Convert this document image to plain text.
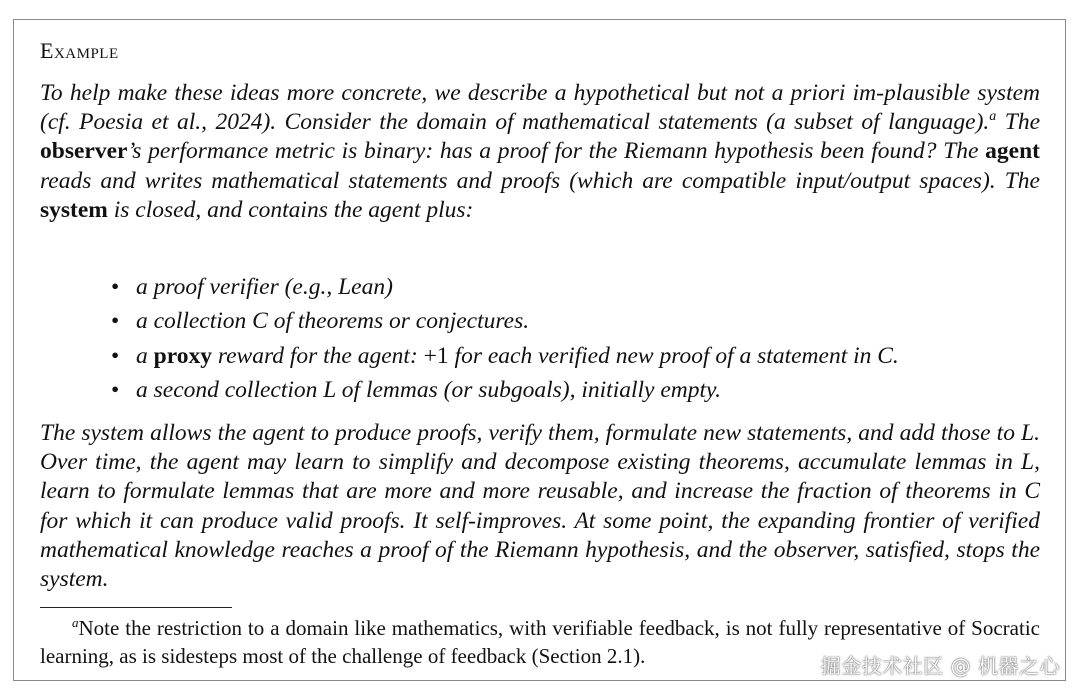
Example

To help make these ideas more concrete, we describe a hypothetical but not a priori im-plausible system (cf. Poesia et al., 2024). Consider the domain of mathematical statements (a subset of language).$^a$ The observer’s performance metric is binary: has a proof for the Riemann hypothesis been found? The agent reads and writes mathematical statements and proofs (which are compatible input/output spaces). The system is closed, and contains the agent plus:

• a proof verifier (e.g., Lean)
• a collection C of theorems or conjectures.
• a proxy reward for the agent: +1 for each verified new proof of a statement in C.
• a second collection L of lemmas (or subgoals), initially empty.

The system allows the agent to produce proofs, verify them, formulate new statements, and add those to L. Over time, the agent may learn to simplify and decompose existing theorems, accumulate lemmas in L, learn to formulate lemmas that are more and more reusable, and increase the fraction of theorems in C for which it can produce valid proofs. It self-improves. At some point, the expanding frontier of verified mathematical knowledge reaches a proof of the Riemann hypothesis, and the observer, satisfied, stops the system.

$^a$Note the restriction to a domain like mathematics, with verifiable feedback, is not fully representative of Socratic learning, as is sidesteps most of the challenge of feedback (Section 2.1).	掘金技术社区 @ 机器之心
